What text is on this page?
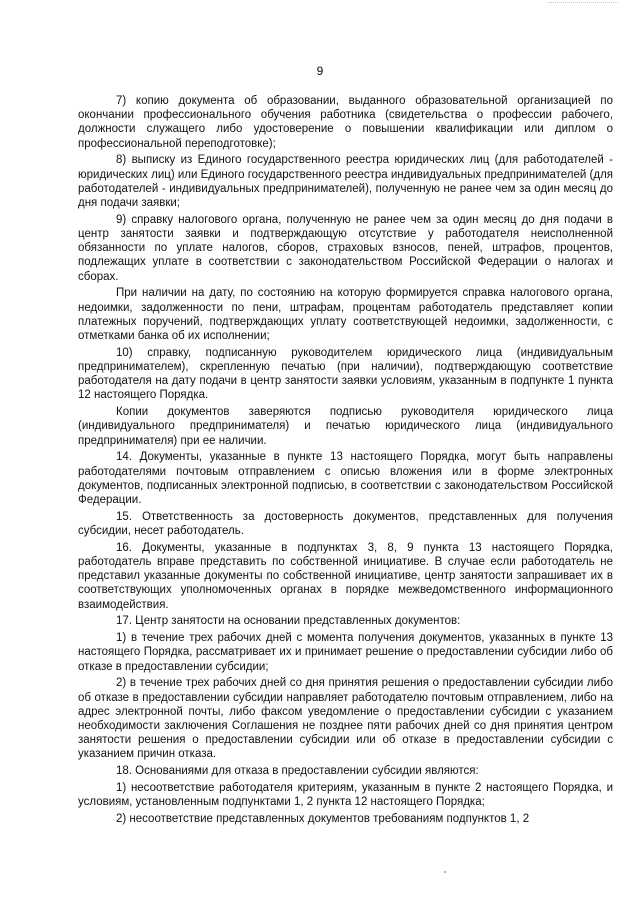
9

7) копию документа об образовании, выданного образовательной организацией по окончании профессионального обучения работника (свидетельства о профессии рабочего, должности служащего либо удостоверение о повышении квалификации или диплом о профессиональной переподготовке);

8) выписку из Единого государственного реестра юридических лиц (для работодателей - юридических лиц) или Единого государственного реестра индивидуальных предпринимателей (для работодателей - индивидуальных предпринимателей), полученную не ранее чем за один месяц до дня подачи заявки;

9) справку налогового органа, полученную не ранее чем за один месяц до дня подачи в центр занятости заявки и подтверждающую отсутствие у работодателя неисполненной обязанности по уплате налогов, сборов, страховых взносов, пеней, штрафов, процентов, подлежащих уплате в соответствии с законодательством Российской Федерации о налогах и сборах.

При наличии на дату, по состоянию на которую формируется справка налогового органа, недоимки, задолженности по пени, штрафам, процентам работодатель представляет копии платежных поручений, подтверждающих уплату соответствующей недоимки, задолженности, с отметками банка об их исполнении;

10) справку, подписанную руководителем юридического лица (индивидуальным предпринимателем), скрепленную печатью (при наличии), подтверждающую соответствие работодателя на дату подачи в центр занятости заявки условиям, указанным в подпункте 1 пункта 12 настоящего Порядка.

Копии документов заверяются подписью руководителя юридического лица (индивидуального предпринимателя) и печатью юридического лица (индивидуального предпринимателя) при ее наличии.

14. Документы, указанные в пункте 13 настоящего Порядка, могут быть направлены работодателями почтовым отправлением с описью вложения или в форме электронных документов, подписанных электронной подписью, в соответствии с законодательством Российской Федерации.

15. Ответственность за достоверность документов, представленных для получения субсидии, несет работодатель.

16. Документы, указанные в подпунктах 3, 8, 9 пункта 13 настоящего Порядка, работодатель вправе представить по собственной инициативе. В случае если работодатель не представил указанные документы по собственной инициативе, центр занятости запрашивает их в соответствующих уполномоченных органах в порядке межведомственного информационного взаимодействия.

17. Центр занятости на основании представленных документов:

1) в течение трех рабочих дней с момента получения документов, указанных в пункте 13 настоящего Порядка, рассматривает их и принимает решение о предоставлении субсидии либо об отказе в предоставлении субсидии;

2) в течение трех рабочих дней со дня принятия решения о предоставлении субсидии либо об отказе в предоставлении субсидии направляет работодателю почтовым отправлением, либо на адрес электронной почты, либо факсом уведомление о предоставлении субсидии с указанием необходимости заключения Соглашения не позднее пяти рабочих дней со дня принятия центром занятости решения о предоставлении субсидии или об отказе в предоставлении субсидии с указанием причин отказа.

18. Основаниями для отказа в предоставлении субсидии являются:

1) несоответствие работодателя критериям, указанным в пункте 2 настоящего Порядка, и условиям, установленным подпунктами 1, 2 пункта 12 настоящего Порядка;

2) несоответствие представленных документов требованиям подпунктов 1, 2
